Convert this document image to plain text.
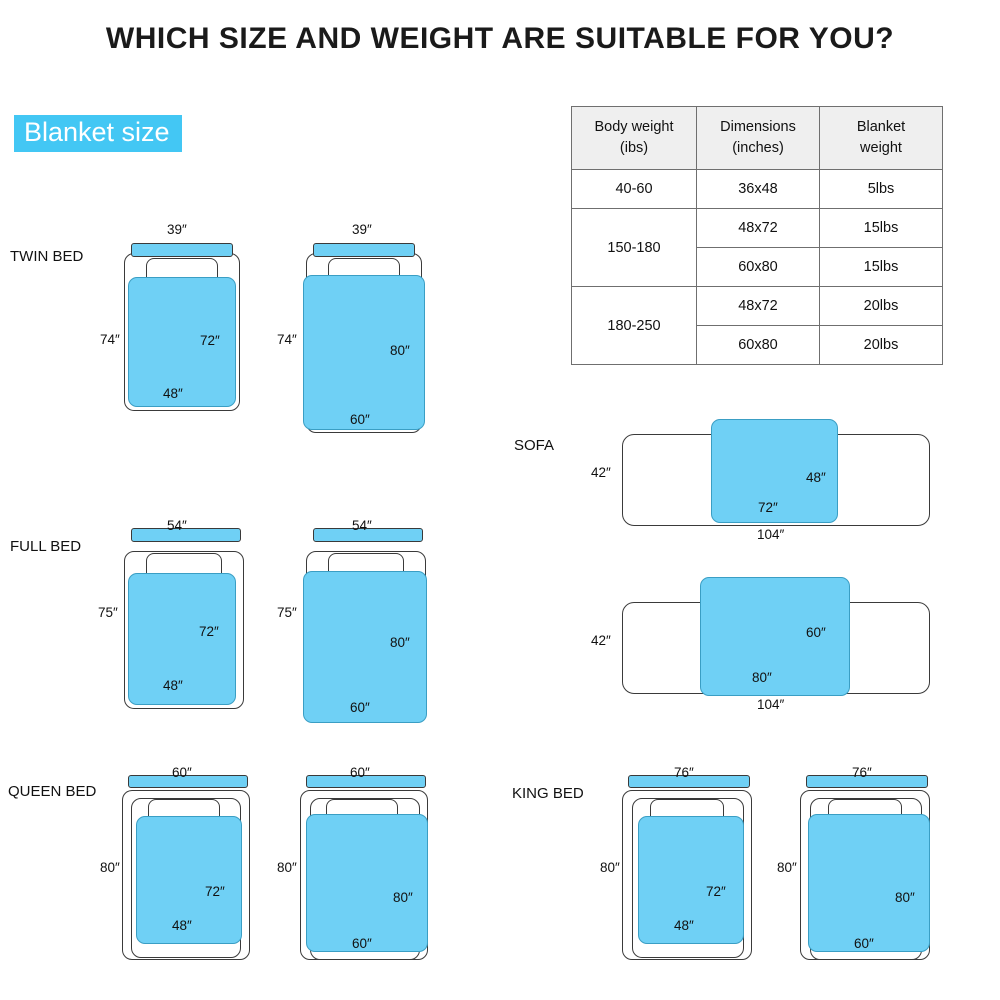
WHICH SIZE AND WEIGHT ARE SUITABLE FOR YOU?
Blanket size	Body weight
(ibs)

Dimensions
(inches)

Blanket
weight

40-60	36x48	5lbs
150-180	48x72	15lbs
	60x80	15lbs
180-250	48x72	20lbs
	60x80	20lbs
TWIN BED
39″
74″	72″
48″
39″
74″
80″
60″
FULL BED
54″
75″
72″
48″
54″
75″
80″
60″
QUEEN BED
60″
80″
72″
48″
60″
80″
80″
60″
KING BED
76″
80″
72″
48″
76″
80″
80″
60″
SOFA
42″	48″
72″
104″
42″
60″
80″
104″
